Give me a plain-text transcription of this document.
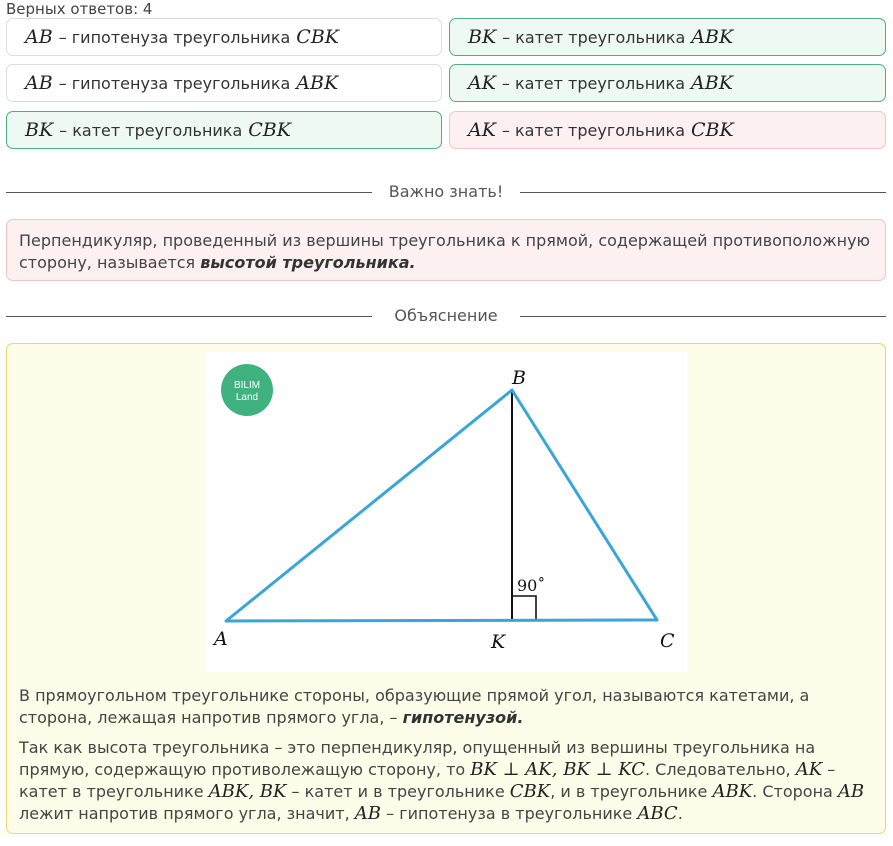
Верных ответов: 4
AB – гипотенуза треугольника CBK	BK – катет треугольника ABK
AB – гипотенуза треугольника ABK	AK – катет треугольника ABK
BK – катет треугольника CBK	AK – катет треугольника CBK
Важно знать!
Перпендикуляр, проведенный из вершины треугольника к прямой, содержащей противоположную сторону, называется высотой треугольника.
Объяснение
BILIM
Land
90˚
A
B
C
K
В прямоугольном треугольнике стороны, образующие прямой угол, называются катетами, а сторона, лежащая напротив прямого угла, – гипотенузой.
Так как высота треугольника – это перпендикуляр, опущенный из вершины треугольника на прямую, содержащую противолежащую сторону, то BK ⊥ AK, BK ⊥ KC. Следовательно, AK – катет в треугольнике ABK, BK – катет и в треугольнике CBK, и в треугольнике ABK. Сторона AB лежит напротив прямого угла, значит, AB – гипотенуза в треугольнике ABC.
